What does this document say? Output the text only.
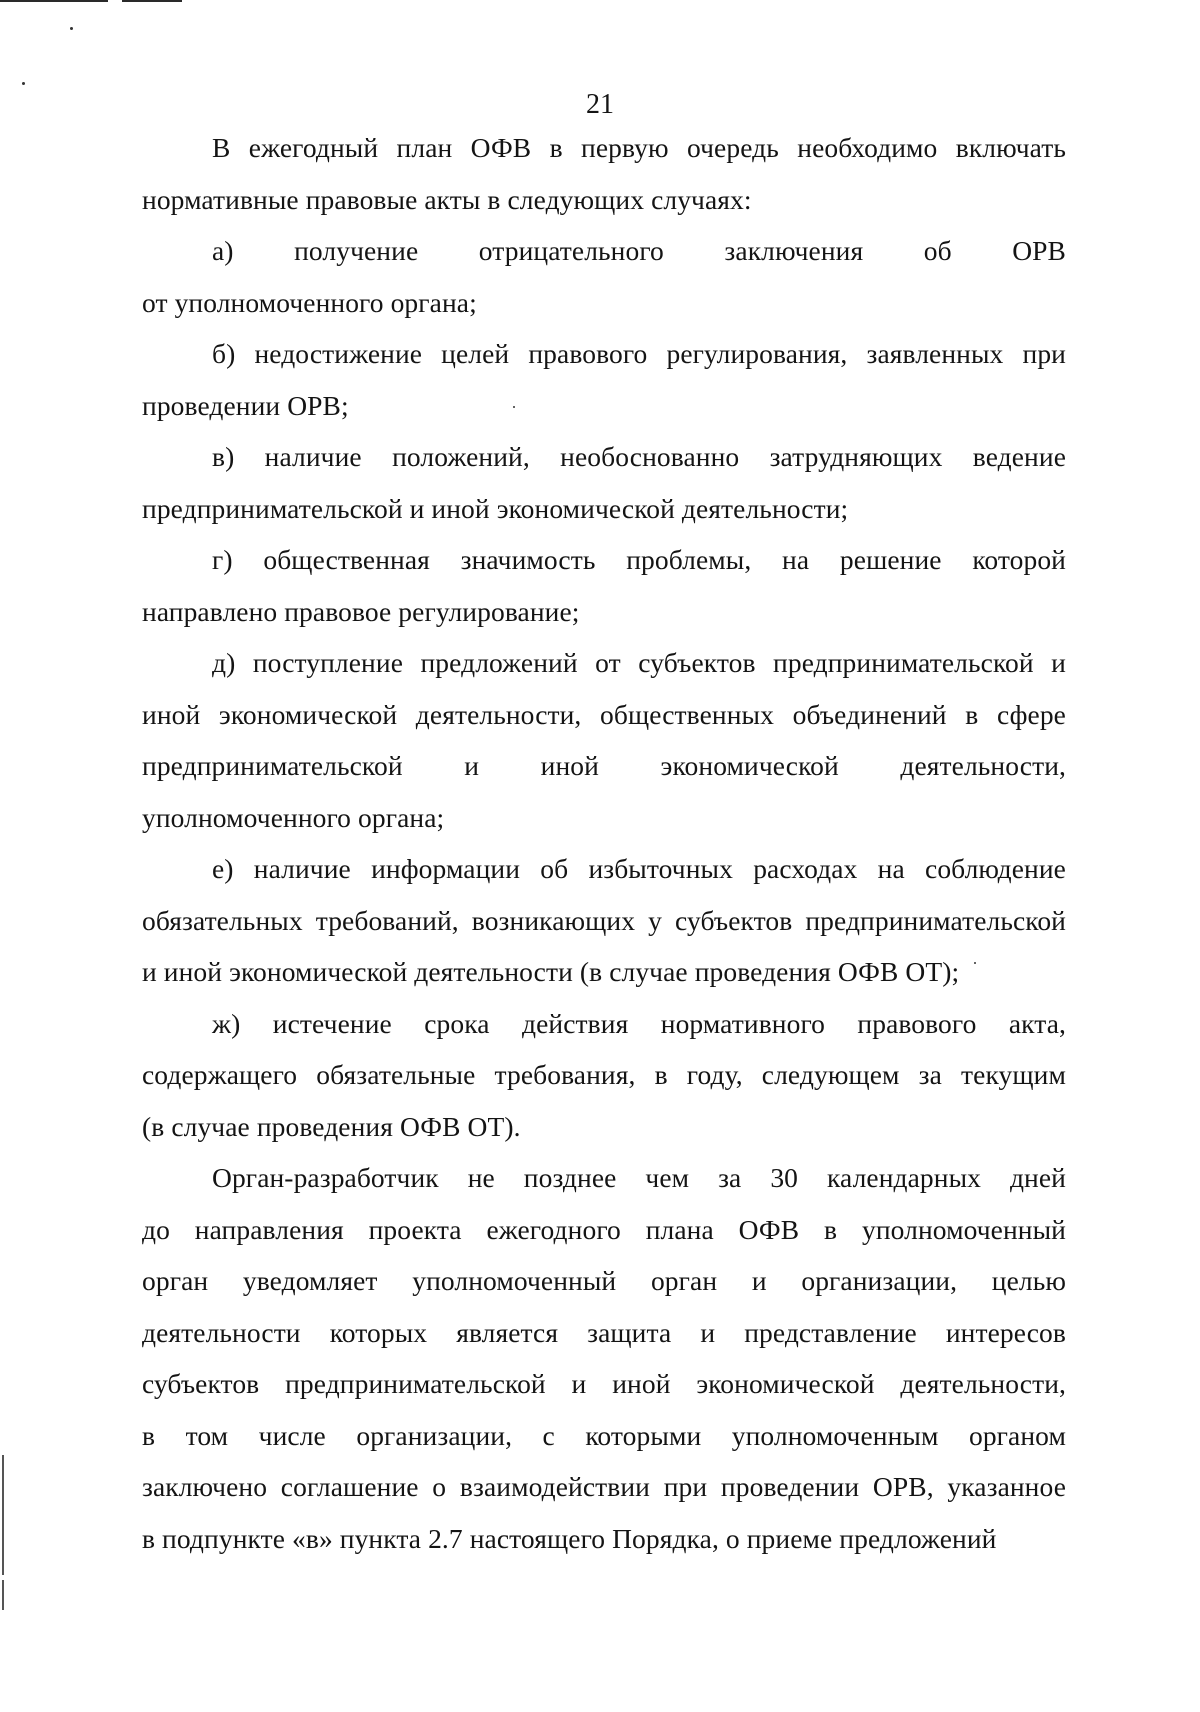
21
В ежегодный план ОФВ в первую очередь необходимо включать
нормативные правовые акты в следующих случаях:
а) получение отрицательного заключения об ОРВ
от уполномоченного органа;
б) недостижение целей правового регулирования, заявленных при
проведении ОРВ;
в) наличие положений, необоснованно затрудняющих ведение
предпринимательской и иной экономической деятельности;
г) общественная значимость проблемы, на решение которой
направлено правовое регулирование;
д) поступление предложений от субъектов предпринимательской и
иной экономической деятельности, общественных объединений в сфере
предпринимательской и иной экономической деятельности,
уполномоченного органа;
е) наличие информации об избыточных расходах на соблюдение
обязательных требований, возникающих у субъектов предпринимательской
и иной экономической деятельности (в случае проведения ОФВ ОТ);
ж) истечение срока действия нормативного правового акта,
содержащего обязательные требования, в году, следующем за текущим
(в случае проведения ОФВ ОТ).
Орган-разработчик не позднее чем за 30 календарных дней
до направления проекта ежегодного плана ОФВ в уполномоченный
орган уведомляет уполномоченный орган и организации, целью
деятельности которых является защита и представление интересов
субъектов предпринимательской и иной экономической деятельности,
в том числе организации, с которыми уполномоченным органом
заключено соглашение о взаимодействии при проведении ОРВ, указанное
в подпункте «в» пункта 2.7 настоящего Порядка, о приеме предложений
